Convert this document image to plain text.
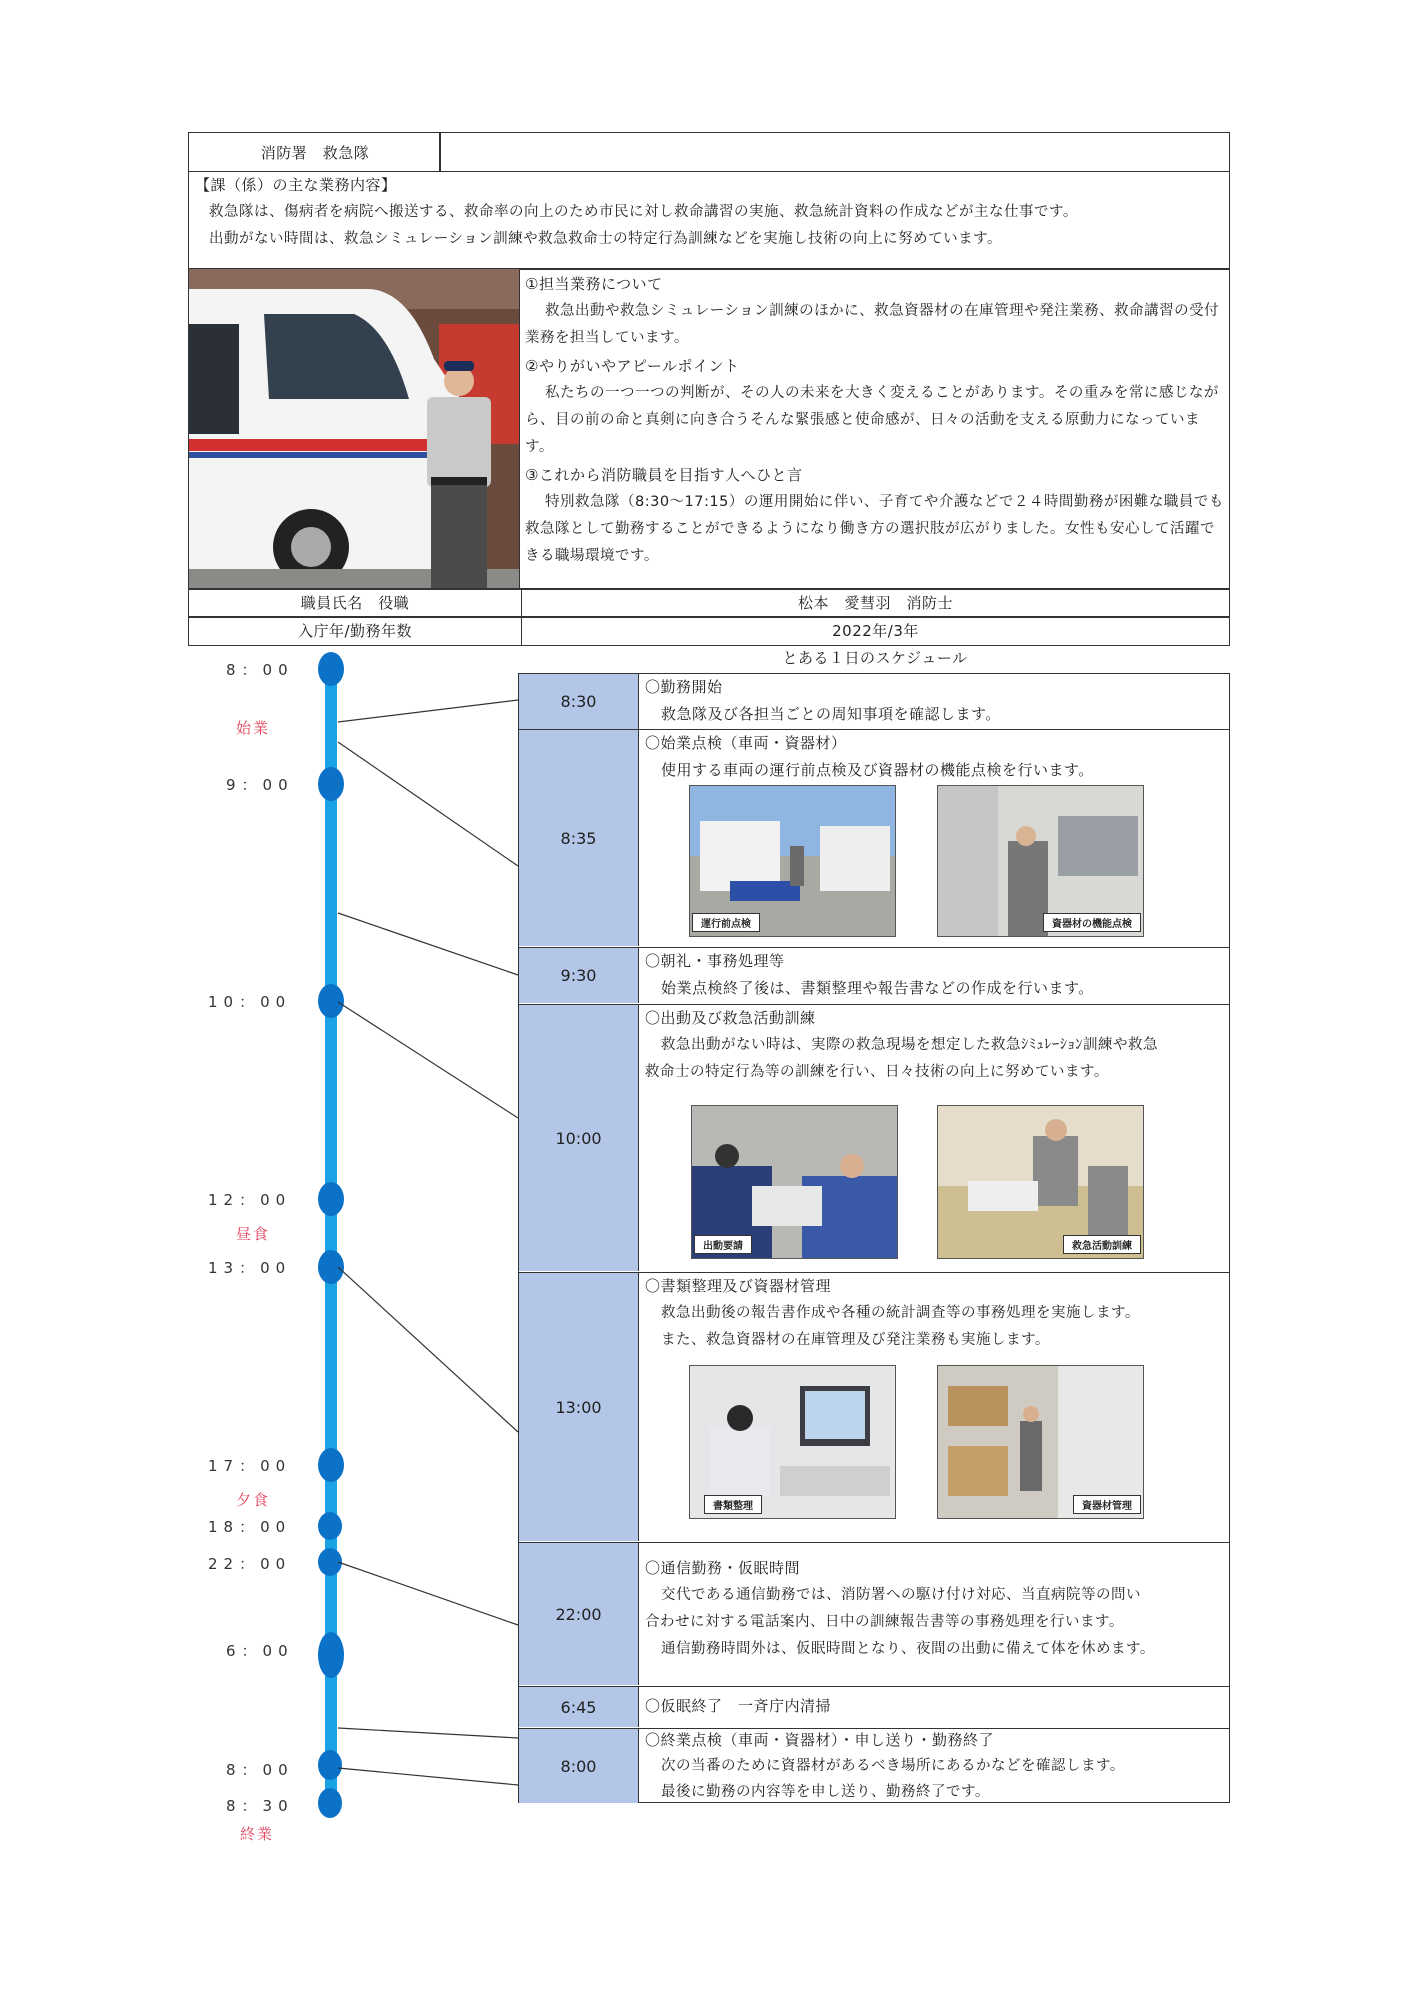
消防署　救急隊
【課（係）の主な業務内容】
救急隊は、傷病者を病院へ搬送する、救命率の向上のため市民に対し救命講習の実施、救急統計資料の作成などが主な仕事です。
出動がない時間は、救急シミュレーション訓練や救急救命士の特定行為訓練などを実施し技術の向上に努めています。
①担当業務について
救急出動や救急シミュレーション訓練のほかに、救急資器材の在庫管理や発注業務、救命講習の受付業務を担当しています。
②やりがいやアピールポイント
私たちの一つ一つの判断が、その人の未来を大きく変えることがあります。その重みを常に感じながら、目の前の命と真剣に向き合うそんな緊張感と使命感が、日々の活動を支える原動力になっています。
③これから消防職員を目指す人へひと言
特別救急隊（8:30～17:15）の運用開始に伴い、子育てや介護などで２４時間勤務が困難な職員でも救急隊として勤務することができるようになり働き方の選択肢が広がりました。女性も安心して活躍できる職場環境です。
職員氏名　役職	松本　愛彗羽　消防士
入庁年/勤務年数	2022年/3年
とある１日のスケジュール
8：00
始業
9：00
10：00
12：00
昼食
13：00
17：00
夕食
18：00
22：00
6：00
8：00
8：30
終業
8:30
〇勤務開始
救急隊及び各担当ごとの周知事項を確認します。
8:35
〇始業点検（車両・資器材）
使用する車両の運行前点検及び資器材の機能点検を行います。
運行前点検	資器材の機能点検
9:30
〇朝礼・事務処理等
始業点検終了後は、書類整理や報告書などの作成を行います。
10:00
〇出動及び救急活動訓練
救急出動がない時は、実際の救急現場を想定した救急ｼﾐｭﾚｰｼｮﾝ訓練や救急
救命士の特定行為等の訓練を行い、日々技術の向上に努めています。
出動要請	救急活動訓練
13:00
〇書類整理及び資器材管理
救急出動後の報告書作成や各種の統計調査等の事務処理を実施します。
また、救急資器材の在庫管理及び発注業務も実施します。
書類整理	資器材管理
22:00
〇通信勤務・仮眠時間
交代である通信勤務では、消防署への駆け付け対応、当直病院等の問い
合わせに対する電話案内、日中の訓練報告書等の事務処理を行います。
通信勤務時間外は、仮眠時間となり、夜間の出動に備えて体を休めます。
6:45	〇仮眠終了　一斉庁内清掃
8:00
〇終業点検（車両・資器材）・申し送り・勤務終了
次の当番のために資器材があるべき場所にあるかなどを確認します。
最後に勤務の内容等を申し送り、勤務終了です。
